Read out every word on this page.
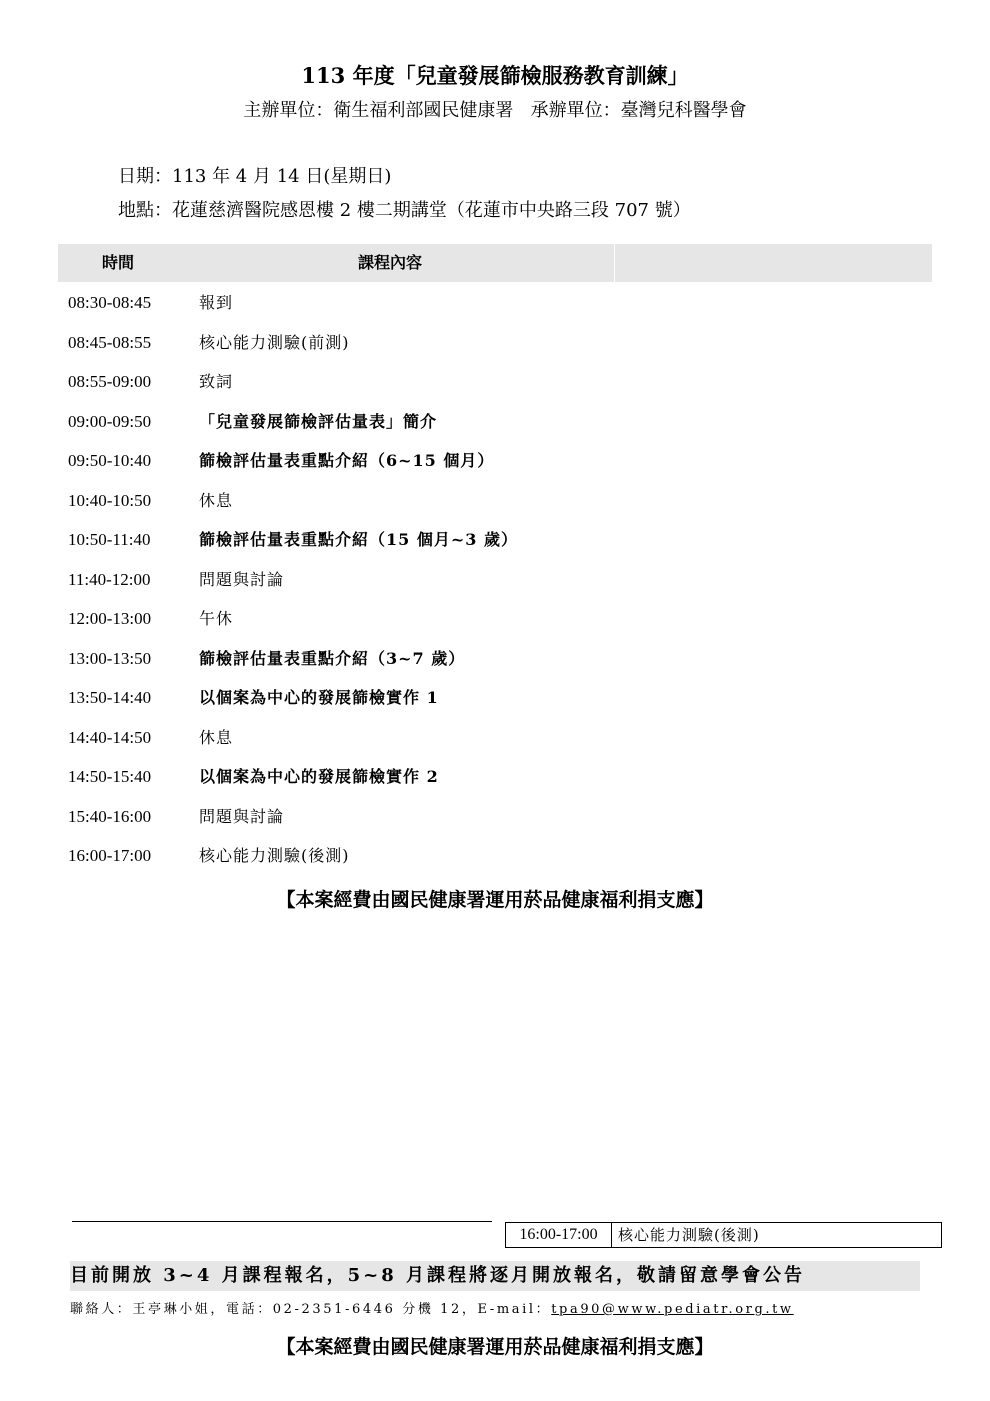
113 年度「兒童發展篩檢服務教育訓練」
主辦單位：衛生福利部國民健康署   承辦單位：臺灣兒科醫學會
日期：113 年 4 月 14 日(星期日)
地點：花蓮慈濟醫院感恩樓 2 樓二期講堂（花蓮市中央路三段 707 號）
時間	課程內容
08:30-08:45	報到
08:45-08:55	核心能力測驗(前測)
08:55-09:00	致詞
09:00-09:50	「兒童發展篩檢評估量表」簡介
09:50-10:40	篩檢評估量表重點介紹（6~15 個月）
10:40-10:50	休息
10:50-11:40	篩檢評估量表重點介紹（15 個月~3 歲）
11:40-12:00	問題與討論
12:00-13:00	午休
13:00-13:50	篩檢評估量表重點介紹（3~7 歲）
13:50-14:40	以個案為中心的發展篩檢實作 1
14:40-14:50	休息
14:50-15:40	以個案為中心的發展篩檢實作 2
15:40-16:00	問題與討論
16:00-17:00	核心能力測驗(後測)
【本案經費由國民健康署運用菸品健康福利捐支應】
16:00-17:00	核心能力測驗(後測)
目前開放 3~4 月課程報名，5~8 月課程將逐月開放報名，敬請留意學會公告
聯絡人：王亭琳小姐，電話：02-2351-6446 分機 12，E-mail：tpa90@www.pediatr.org.tw
【本案經費由國民健康署運用菸品健康福利捐支應】
